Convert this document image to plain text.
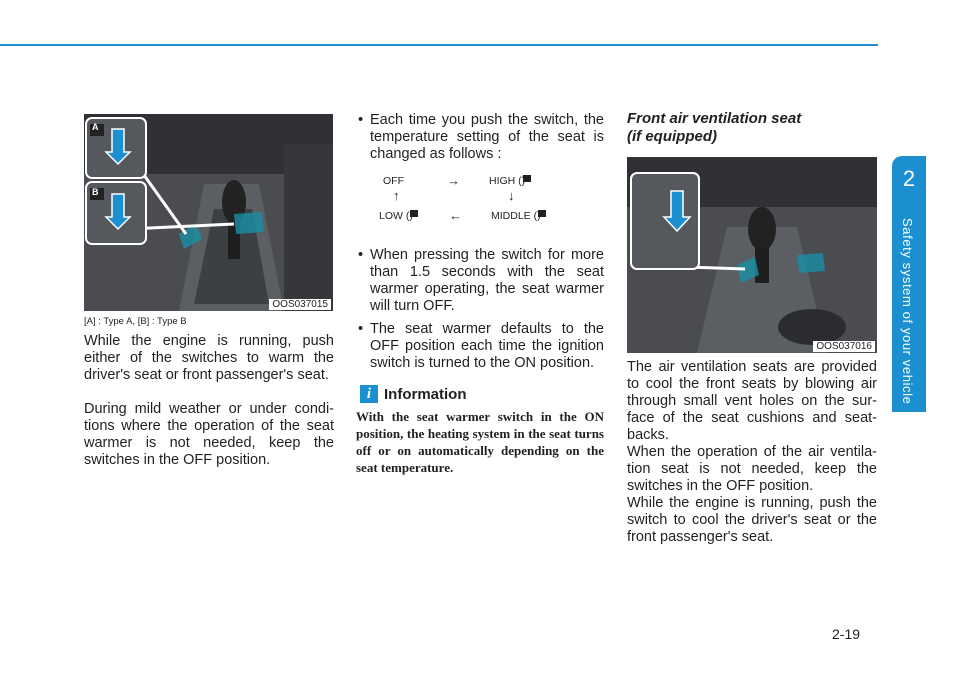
2
Safety system of your vehicle
A
B
OOS037015
[A] : Type A, [B] : Type B

While the engine is running, push either of the switches to warm the driver's seat or front passenger's seat.

During mild weather or under condi- tions where the operation of the seat warmer is not needed, keep the switches in the OFF position.

• Each time you push the switch, the temperature setting of the seat is changed as follows :
OFF	→	HIGH (
↑	↓
LOW (	←	MIDDLE (
• When pressing the switch for more than 1.5 seconds with the seat warmer operating, the seat warmer will turn OFF.
• The seat warmer defaults to the OFF position each time the ignition switch is turned to the ON position.
i Information

With the seat warmer switch in the ON position, the heating system in the seat turns off or on automatically depending on the seat temperature.

Front air ventilation seat
(if equipped)
OOS037016

The air ventilation seats are provided to cool the front seats by blowing air through small vent holes on the sur- face of the seat cushions and seat- backs.

When the operation of the air ventila- tion seat is not needed, keep the switches in the OFF position.

While the engine is running, push the switch to cool the driver's seat or the front passenger's seat.

2-19
